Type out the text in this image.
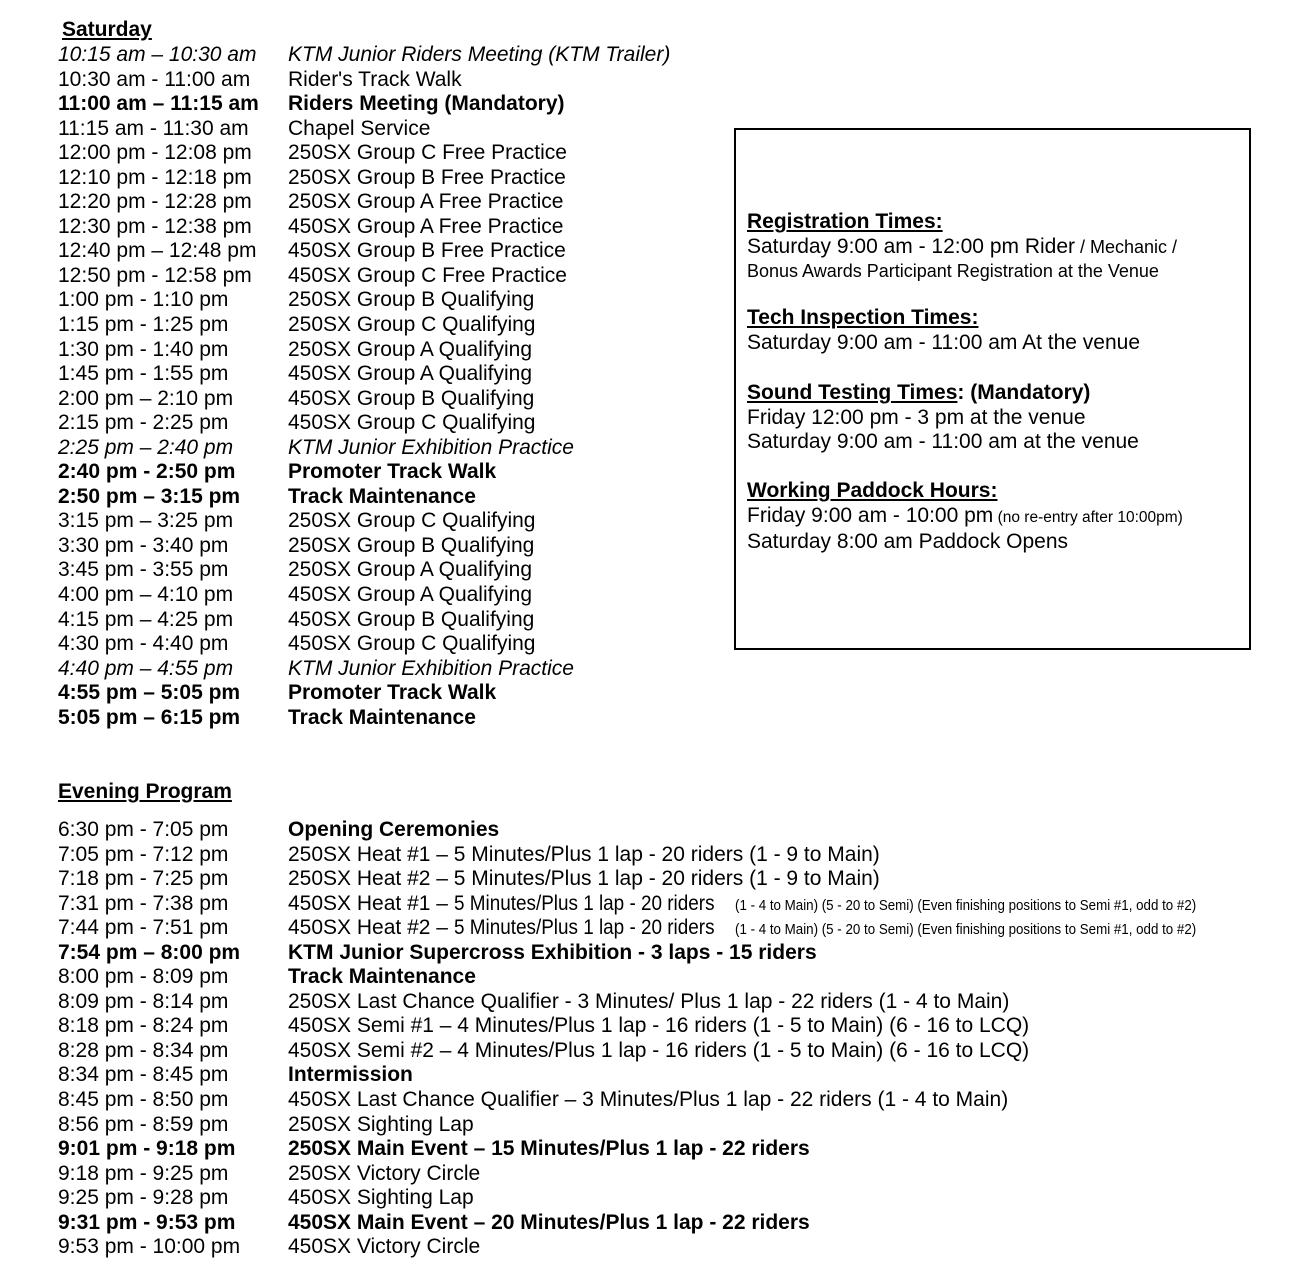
Saturday
10:15 am – 10:30 am KTM Junior Riders Meeting (KTM Trailer)
10:30 am - 11:00 am Rider's Track Walk
11:00 am – 11:15 am Riders Meeting (Mandatory)
11:15 am - 11:30 am Chapel Service
12:00 pm - 12:08 pm 250SX Group C Free Practice
12:10 pm - 12:18 pm 250SX Group B Free Practice
12:20 pm - 12:28 pm 250SX Group A Free Practice
12:30 pm - 12:38 pm 450SX Group A Free Practice
12:40 pm – 12:48 pm 450SX Group B Free Practice
12:50 pm - 12:58 pm 450SX Group C Free Practice
1:00 pm - 1:10 pm	250SX Group B Qualifying
1:15 pm - 1:25 pm	250SX Group C Qualifying
1:30 pm - 1:40 pm	250SX Group A Qualifying
1:45 pm - 1:55 pm	450SX Group A Qualifying
2:00 pm – 2:10 pm	450SX Group B Qualifying
2:15 pm - 2:25 pm	450SX Group C Qualifying
2:25 pm – 2:40 pm	KTM Junior Exhibition Practice
2:40 pm - 2:50 pm	Promoter Track Walk
2:50 pm – 3:15 pm Track Maintenance
3:15 pm – 3:25 pm	250SX Group C Qualifying
3:30 pm - 3:40 pm	250SX Group B Qualifying
3:45 pm - 3:55 pm	250SX Group A Qualifying
4:00 pm – 4:10 pm	450SX Group A Qualifying
4:15 pm – 4:25 pm	450SX Group B Qualifying
4:30 pm - 4:40 pm	450SX Group C Qualifying
4:40 pm – 4:55 pm	KTM Junior Exhibition Practice
4:55 pm – 5:05 pm Promoter Track Walk
5:05 pm – 6:15 pm Track Maintenance
Evening Program
6:30 pm - 7:05 pm	Opening Ceremonies
7:05 pm - 7:12 pm	250SX Heat #1 – 5 Minutes/Plus 1 lap - 20 riders (1 - 9 to Main)
7:18 pm - 7:25 pm	250SX Heat #2 – 5 Minutes/Plus 1 lap - 20 riders (1 - 9 to Main)
7:31 pm - 7:38 pm	450SX Heat #1 – 5 Minutes/Plus 1 lap - 20 riders (1 - 4 to Main) (5 - 20 to Semi) (Even finishing positions to Semi #1, odd to #2)
7:44 pm - 7:51 pm	450SX Heat #2 – 5 Minutes/Plus 1 lap - 20 riders (1 - 4 to Main) (5 - 20 to Semi) (Even finishing positions to Semi #1, odd to #2)
7:54 pm – 8:00 pm KTM Junior Supercross Exhibition - 3 laps - 15 riders
8:00 pm - 8:09 pm	Track Maintenance
8:09 pm - 8:14 pm	250SX Last Chance Qualifier - 3 Minutes/ Plus 1 lap - 22 riders (1 - 4 to Main)
8:18 pm - 8:24 pm	450SX Semi #1 – 4 Minutes/Plus 1 lap - 16 riders (1 - 5 to Main) (6 - 16 to LCQ)
8:28 pm - 8:34 pm	450SX Semi #2 – 4 Minutes/Plus 1 lap - 16 riders (1 - 5 to Main) (6 - 16 to LCQ)
8:34 pm - 8:45 pm	Intermission
8:45 pm - 8:50 pm	450SX Last Chance Qualifier – 3 Minutes/Plus 1 lap - 22 riders (1 - 4 to Main)
8:56 pm - 8:59 pm	250SX Sighting Lap
9:01 pm - 9:18 pm	250SX Main Event – 15 Minutes/Plus 1 lap - 22 riders
9:18 pm - 9:25 pm	250SX Victory Circle
9:25 pm - 9:28 pm	450SX Sighting Lap
9:31 pm - 9:53 pm	450SX Main Event – 20 Minutes/Plus 1 lap - 22 riders
9:53 pm - 10:00 pm 450SX Victory Circle
Registration Times:
Saturday 9:00 am - 12:00 pm Rider / Mechanic /
Bonus Awards Participant Registration at the Venue
Tech Inspection Times:
Saturday 9:00 am - 11:00 am At the venue
Sound Testing Times: (Mandatory)
Friday 12:00 pm - 3 pm at the venue
Saturday 9:00 am - 11:00 am at the venue
Working Paddock Hours:
Friday 9:00 am - 10:00 pm (no re-entry after 10:00pm)
Saturday 8:00 am Paddock Opens
